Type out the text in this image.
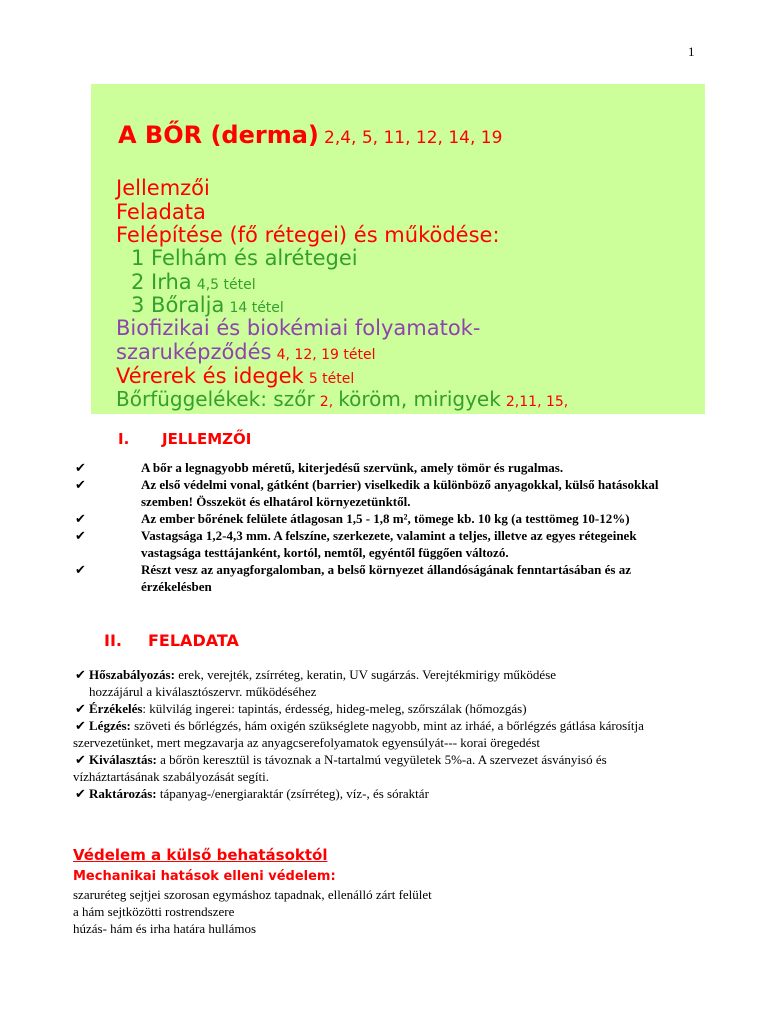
1
A BŐR (derma) 2,4, 5, 11, 12, 14, 19
Jellemzői
Feladata
Felépítése (fő rétegei) és működése:
1 Felhám és alrétegei
2 Irha 4,5 tétel
3 Bőralja 14 tétel
Biofizikai és biokémiai folyamatok-
szaruképződés 4, 12, 19 tétel
Vérerek és idegek 5 tétel
Bőrfüggelékek: szőr 2, köröm, mirigyek 2,11, 15,
I. JELLEMZŐI
✔	A bőr a legnagyobb méretű, kiterjedésű szervünk, amely tömör és rugalmas.
✔	Az első védelmi vonal, gátként (barrier) viselkedik a különböző anyagokkal, külső hatásokkal szemben! Összeköt és elhatárol környezetünktől.
✔	Az ember bőrének felülete átlagosan 1,5 - 1,8 m², tömege kb. 10 kg (a testtömeg 10-12%)
✔	Vastagsága 1,2-4,3 mm. A felszíne, szerkezete, valamint a teljes, illetve az egyes rétegeinek vastagsága testtájanként, kortól, nemtől, egyéntől függően változó.
✔	Részt vesz az anyagforgalomban, a belső környezet állandóságának fenntartásában és az érzékelésben
II. FELADATA
✔ Hőszabályozás: erek, verejték, zsírréteg, keratin, UV sugárzás. Verejtékmirigy működése
hozzájárul a kiválasztószervr. működéséhez
✔ Érzékelés: külvilág ingerei: tapintás, érdesség, hideg-meleg, szőrszálak (hőmozgás)
✔ Légzés: szöveti és bőrlégzés, hám oxigén szükséglete nagyobb, mint az irháé, a bőrlégzés gátlása károsítja szervezetünket, mert megzavarja az anyagcserefolyamatok egyensúlyát--- korai öregedést
✔ Kiválasztás: a bőrön keresztül is távoznak a N-tartalmú vegyületek 5%-a. A szervezet ásványisó és vízháztartásának szabályozását segíti.
✔ Raktározás: tápanyag-/energiaraktár (zsírréteg), víz-, és sóraktár
Védelem a külső behatásoktól
Mechanikai hatások elleni védelem:
szaruréteg sejtjei szorosan egymáshoz tapadnak, ellenálló zárt felület
a hám sejtközötti rostrendszere
húzás- hám és irha határa hullámos
